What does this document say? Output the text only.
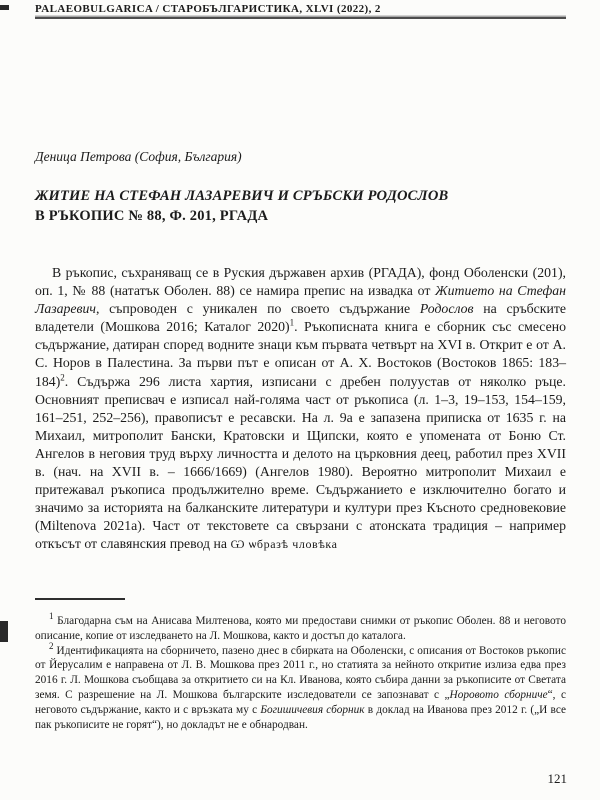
PALAEOBULGARICA / СТАРОБЪЛГАРИСТИКА, XLVI (2022), 2
Деница Петрова (София, България)
ЖИТИЕ НА СТЕФАН ЛАЗАРЕВИЧ И СРЪБСКИ РОДОСЛОВ
В РЪКОПИС № 88, Ф. 201, РГАДА

В ръкопис, съхраняващ се в Руския държавен архив (РГАДА), фонд Оболенски (201), оп. 1, № 88 (нататък Оболен. 88) се намира препис на извадка от Житието на Стефан Лазаревич, съпроводен с уникален по своето съдържание Родослов на сръбските владетели (Мошкова 2016; Каталог 2020)$^1$. Ръкописната книга е сборник със смесено съдържание, датиран според водните знаци към първата четвърт на XVI в. Открит е от А. С. Норов в Палестина. За първи път е описан от А. Х. Востоков (Востоков 1865: 183–184)$^2$. Съдържа 296 листа хартия, изписани с дребен полуустав от няколко ръце. Основният преписвач е изписал най-голяма част от ръкописа (л. 1–3, 19–153, 154–159, 161–251, 252–256), правописът е ресавски. На л. 9а е запазена приписка от 1635 г. на Михаил, митрополит Бански, Кратовски и Щипски, която е упомената от Боню Ст. Ангелов в неговия труд върху личността и делото на църковния деец, работил през XVII в. (нач. на XVII в. – 1666/1669) (Ангелов 1980). Вероятно митрополит Михаил е притежавал ръкописа продължително време. Съдържанието е изключително богато и значимо за историята на балканските литератури и култури през Късното средновековие (Miltenova 2021a). Част от текстовете са свързани с атонската традиция – например откъсът от славянския превод на Ѡ ѡбразѣ чловѣка

$^1$ Благодарна съм на Анисава Милтенова, която ми предостави снимки от ръкопис Оболен. 88 и неговото описание, копие от изследването на Л. Мошкова, както и достъп до каталога.

$^2$ Идентификацията на сборничето, пазено днес в сбирката на Оболенски, с описания от Востоков ръкопис от Йерусалим е направена от Л. В. Мошкова през 2011 г., но статията за нейното откритие излиза едва през 2016 г. Л. Мошкова съобщава за откритието си на Кл. Иванова, която събира данни за ръкописите от Светата земя. С разрешение на Л. Мошкова българските изследователи се запознават с „Норовото сборниче“, с неговото съдържание, както и с връзката му с Богишичевия сборник в доклад на Иванова през 2012 г. („И все пак ръкописите не горят“), но докладът не е обнародван.

121
